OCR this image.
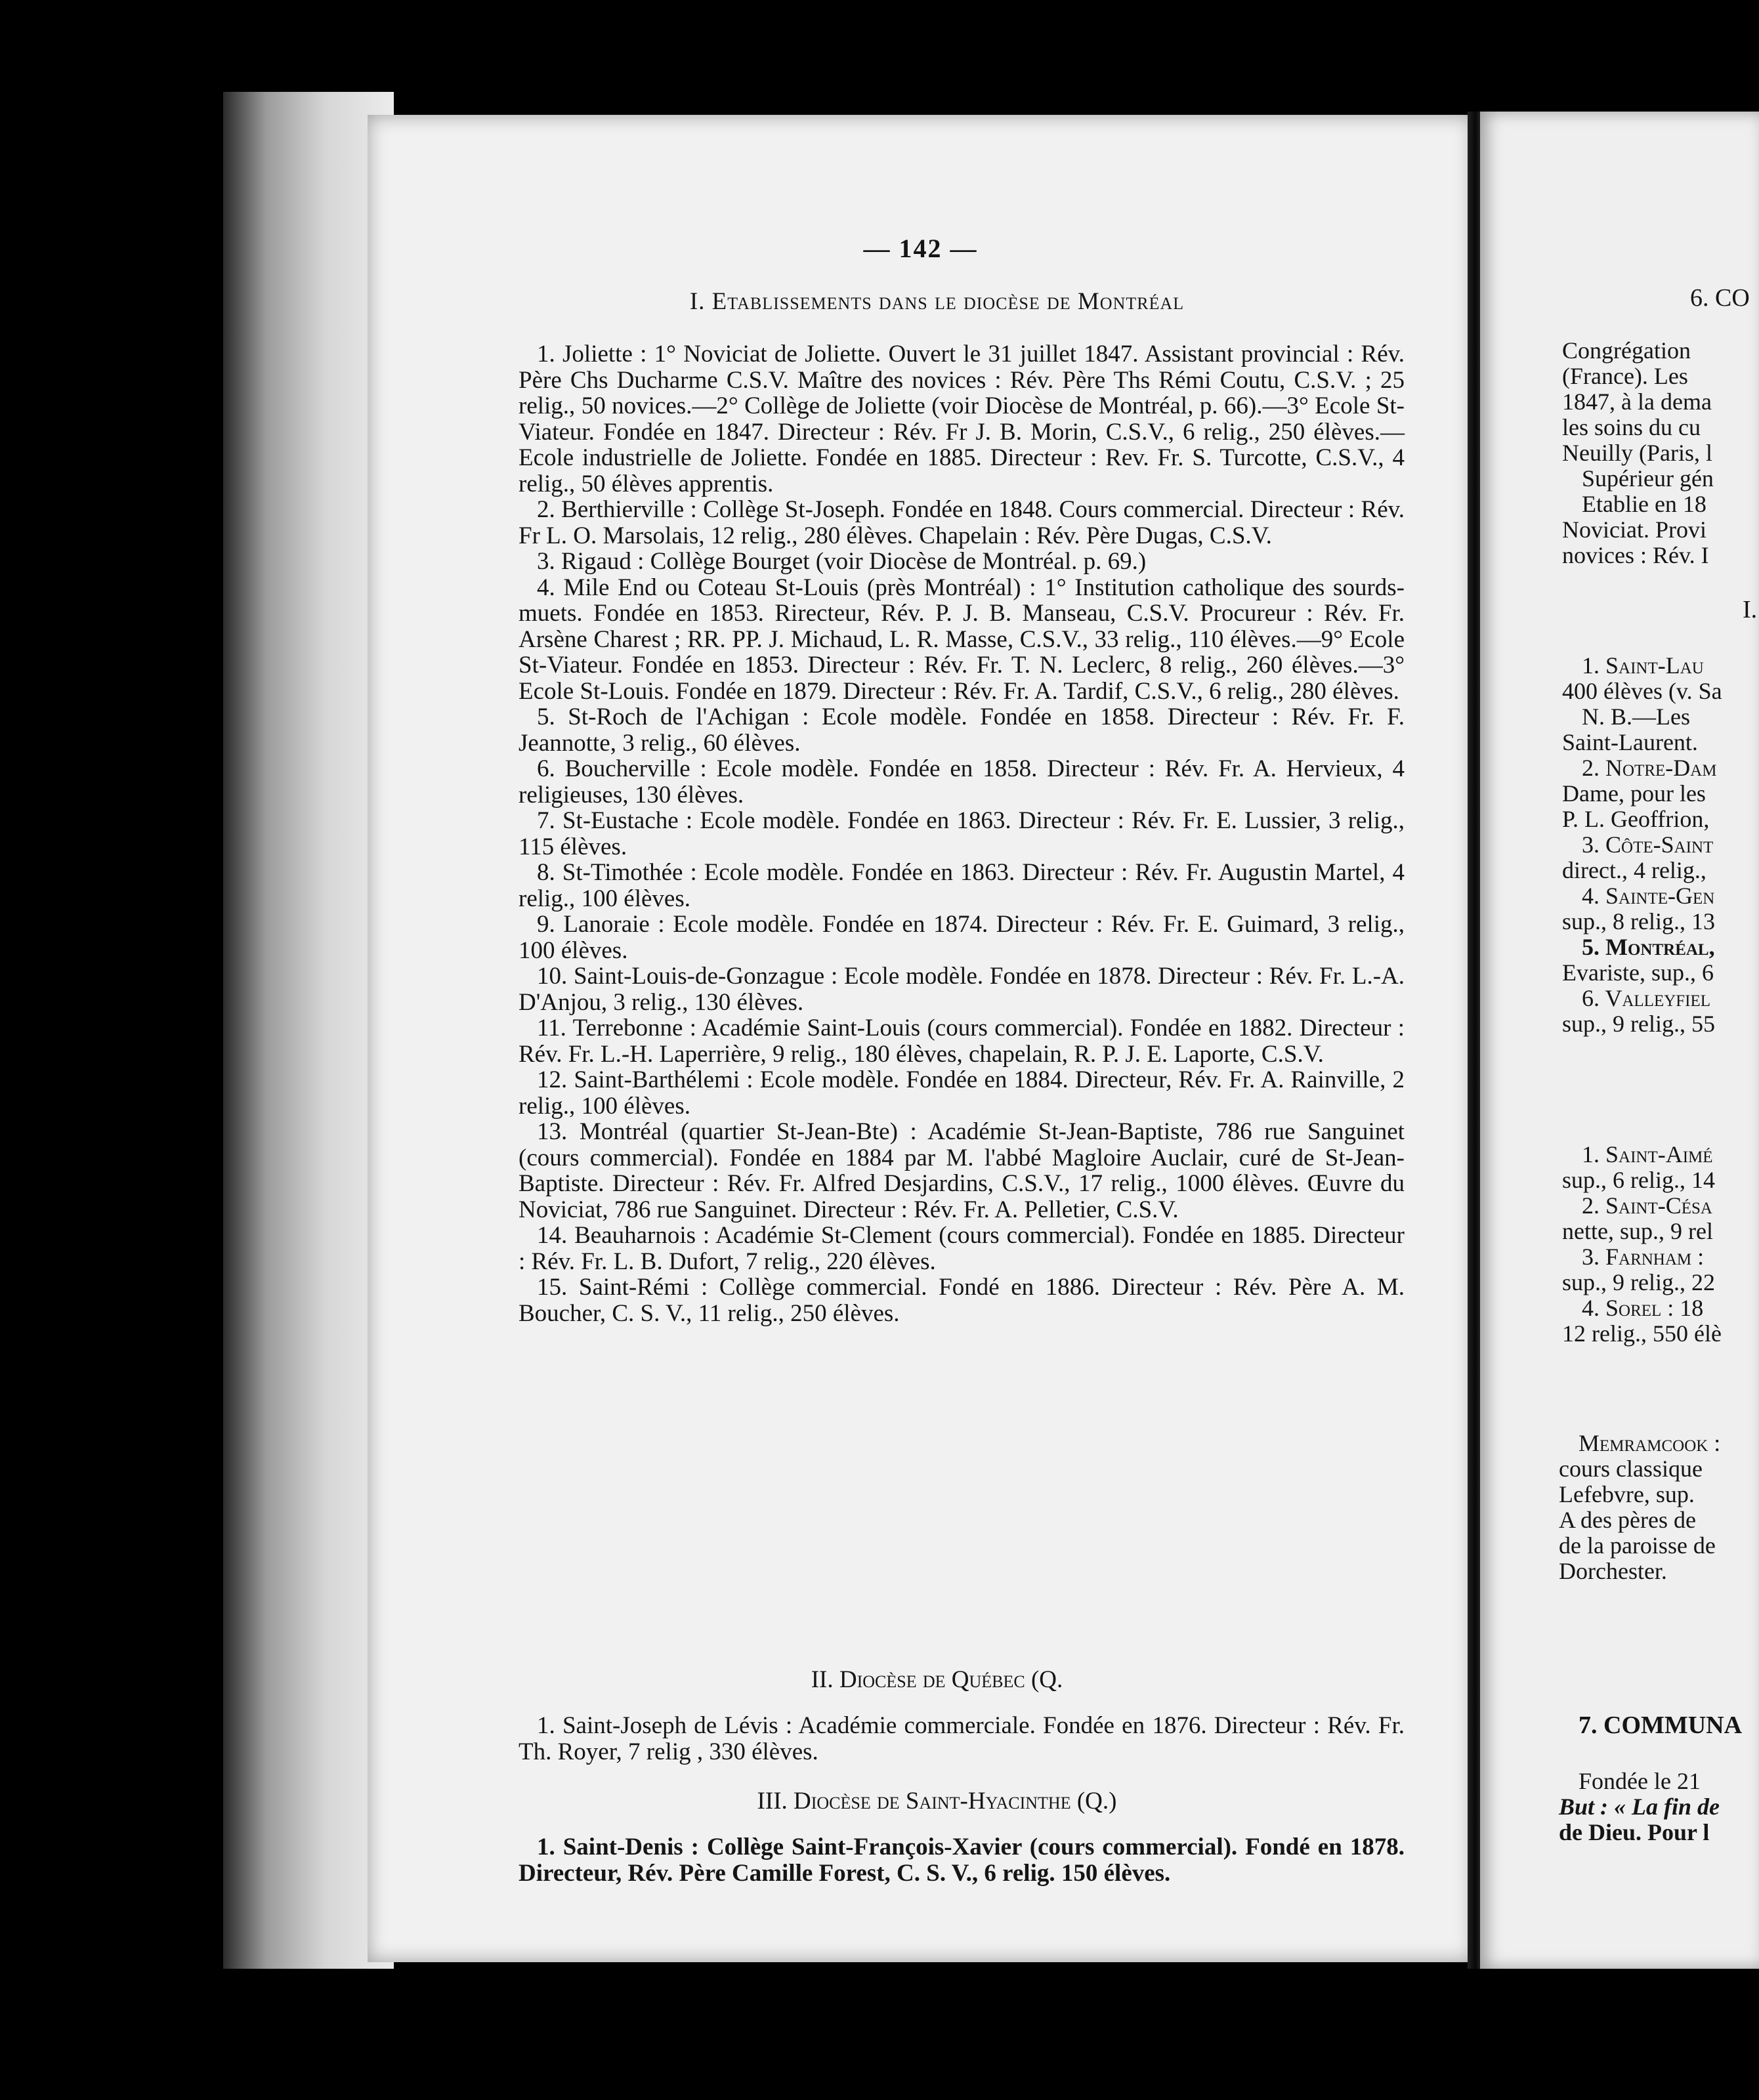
— 142 —
I. Etablissements dans le diocèse de Montréal

1. Joliette : 1° Noviciat de Joliette. Ouvert le 31 juillet 1847. Assistant provincial : Rév. Père Chs Ducharme C.S.V. Maître des novices : Rév. Père Ths Rémi Coutu, C.S.V. ; 25 relig., 50 novices.—2° Collège de Joliette (voir Diocèse de Montréal, p. 66).—3° Ecole St-Viateur. Fondée en 1847. Directeur : Rév. Fr J. B. Morin, C.S.V., 6 relig., 250 élèves.— Ecole industrielle de Joliette. Fondée en 1885. Directeur : Rev. Fr. S. Turcotte, C.S.V., 4 relig., 50 élèves apprentis.

2. Berthierville : Collège St-Joseph. Fondée en 1848. Cours commercial. Directeur : Rév. Fr L. O. Marsolais, 12 relig., 280 élèves. Chapelain : Rév. Père Dugas, C.S.V.

3. Rigaud : Collège Bourget (voir Diocèse de Montréal. p. 69.)

4. Mile End ou Coteau St-Louis (près Montréal) : 1° Institution catholique des sourds-muets. Fondée en 1853. Rirecteur, Rév. P. J. B. Manseau, C.S.V. Procureur : Rév. Fr. Arsène Charest ; RR. PP. J. Michaud, L. R. Masse, C.S.V., 33 relig., 110 élèves.—9° Ecole St-Viateur. Fondée en 1853. Directeur : Rév. Fr. T. N. Leclerc, 8 relig., 260 élèves.—3° Ecole St-Louis. Fondée en 1879. Directeur : Rév. Fr. A. Tardif, C.S.V., 6 relig., 280 élèves.

5. St-Roch de l'Achigan : Ecole modèle. Fondée en 1858. Directeur : Rév. Fr. F. Jeannotte, 3 relig., 60 élèves.

6. Boucherville : Ecole modèle. Fondée en 1858. Directeur : Rév. Fr. A. Hervieux, 4 religieuses, 130 élèves.

7. St-Eustache : Ecole modèle. Fondée en 1863. Directeur : Rév. Fr. E. Lussier, 3 relig., 115 élèves.

8. St-Timothée : Ecole modèle. Fondée en 1863. Directeur : Rév. Fr. Augustin Martel, 4 relig., 100 élèves.

9. Lanoraie : Ecole modèle. Fondée en 1874. Directeur : Rév. Fr. E. Guimard, 3 relig., 100 élèves.

10. Saint-Louis-de-Gonzague : Ecole modèle. Fondée en 1878. Directeur : Rév. Fr. L.-A. D'Anjou, 3 relig., 130 élèves.

11. Terrebonne : Académie Saint-Louis (cours commercial). Fondée en 1882. Directeur : Rév. Fr. L.-H. Laperrière, 9 relig., 180 élèves, chapelain, R. P. J. E. Laporte, C.S.V.

12. Saint-Barthélemi : Ecole modèle. Fondée en 1884. Directeur, Rév. Fr. A. Rainville, 2 relig., 100 élèves.

13. Montréal (quartier St-Jean-Bte) : Académie St-Jean-Baptiste, 786 rue Sanguinet (cours commercial). Fondée en 1884 par M. l'abbé Magloire Auclair, curé de St-Jean-Baptiste. Directeur : Rév. Fr. Alfred Desjardins, C.S.V., 17 relig., 1000 élèves. Œuvre du Noviciat, 786 rue Sanguinet. Directeur : Rév. Fr. A. Pelletier, C.S.V.

14. Beauharnois : Académie St-Clement (cours commercial). Fondée en 1885. Directeur : Rév. Fr. L. B. Dufort, 7 relig., 220 élèves.

15. Saint-Rémi : Collège commercial. Fondé en 1886. Directeur : Rév. Père A. M. Boucher, C. S. V., 11 relig., 250 élèves.

II. Diocèse de Québec (Q.

1. Saint-Joseph de Lévis : Académie commerciale. Fondée en 1876. Directeur : Rév. Fr. Th. Royer, 7 relig , 330 élèves.

III. Diocèse de Saint-Hyacinthe (Q.)

1. Saint-Denis : Collège Saint-François-Xavier (cours commercial). Fondé en 1878. Directeur, Rév. Père Camille Forest, C. S. V., 6 relig. 150 élèves.

6. CO
Congrégation
(France). Les
1847, à la dema
les soins du cu
Neuilly (Paris, l
Supérieur gén
Etablie en 18
Noviciat. Provi
novices : Rév. I
I.
1. Saint-Lau
400 élèves (v. Sa
N. B.—Les
Saint-Laurent.
2. Notre-Dam
Dame, pour les
P. L. Geoffrion,
3. Côte-Saint
direct., 4 relig.,
4. Sainte-Gen
sup., 8 relig., 13
5. Montréal,
Evariste, sup., 6
6. Valleyfiel
sup., 9 relig., 55
1. Saint-Aimé
sup., 6 relig., 14
2. Saint-Césa
nette, sup., 9 rel
3. Farnham :
sup., 9 relig., 22
4. Sorel : 18
12 relig., 550 élè
Memramcook :
cours classique
Lefebvre, sup.
A des pères de
de la paroisse de
Dorchester.
7. COMMUNA
Fondée le 21
But : « La fin de
de Dieu. Pour l
